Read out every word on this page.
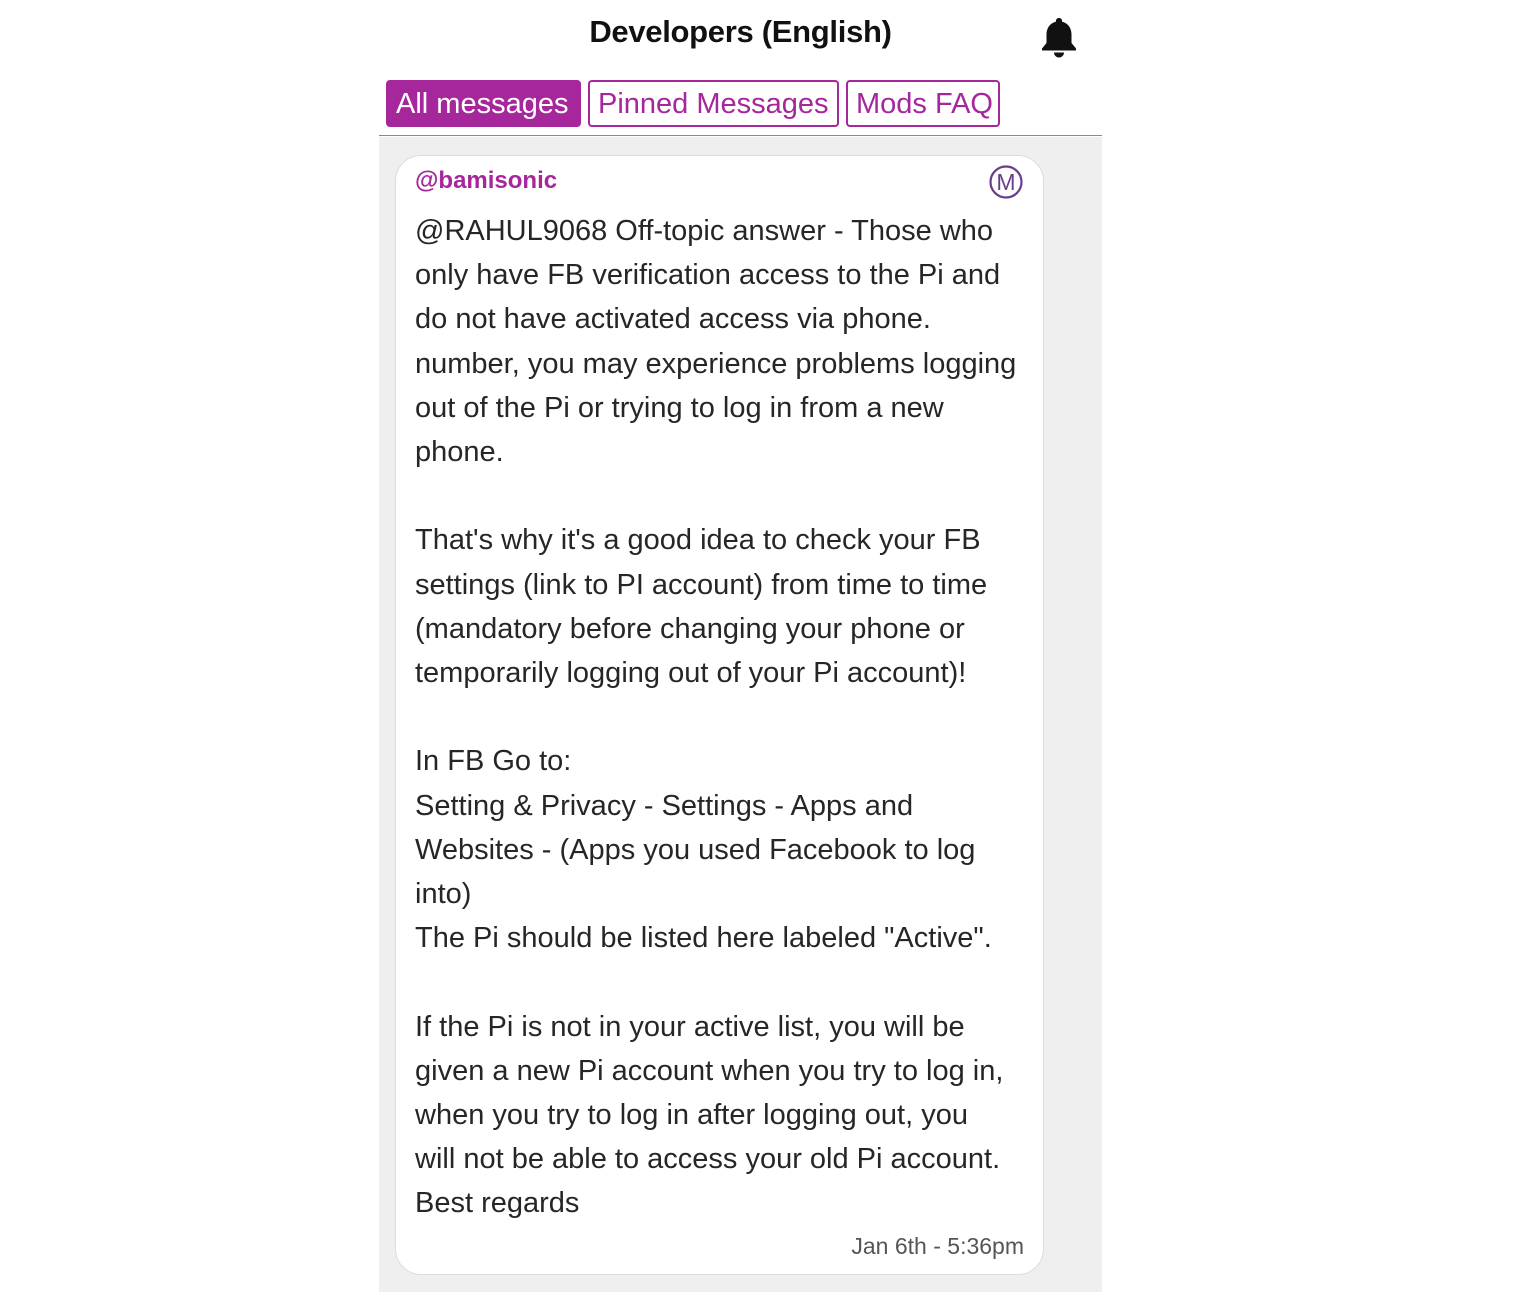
Developers (English)
All messages	Pinned Messages Mods FAQ
@bamisonic	M

@RAHUL9068 Off-topic answer - Those who
only have FB verification access to the Pi and
do not have activated access via phone.
number, you may experience problems logging
out of the Pi or trying to log in from a new
phone.

That's why it's a good idea to check your FB
settings (link to PI account) from time to time
(mandatory before changing your phone or
temporarily logging out of your Pi account)!

In FB Go to:
Setting & Privacy - Settings - Apps and
Websites - (Apps you used Facebook to log
into)
The Pi should be listed here labeled "Active".

If the Pi is not in your active list, you will be
given a new Pi account when you try to log in,
when you try to log in after logging out, you
will not be able to access your old Pi account.
Best regards

Jan 6th - 5:36pm
